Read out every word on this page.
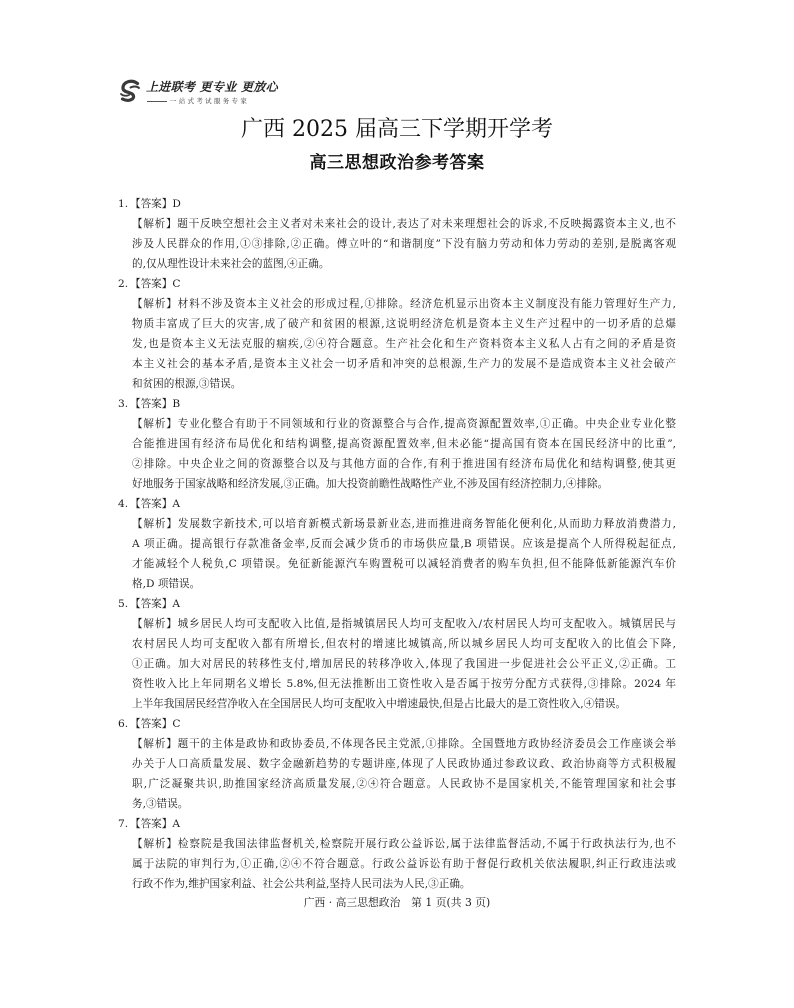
上进联考 更专业 更放心
一站式考试服务专家
广西 2025 届高三下学期开学考
高三思想政治参考答案
1. 【答案】D
【解析】题干反映空想社会主义者对未来社会的设计,表达了对未来理想社会的诉求,不反映揭露资本主义,也不
涉及人民群众的作用,①③排除,②正确。傅立叶的“和谐制度”下没有脑力劳动和体力劳动的差别,是脱离客观
的,仅从理性设计未来社会的蓝图,④正确。
2. 【答案】C
【解析】材料不涉及资本主义社会的形成过程,①排除。经济危机显示出资本主义制度没有能力管理好生产力,
物质丰富成了巨大的灾害,成了破产和贫困的根源,这说明经济危机是资本主义生产过程中的一切矛盾的总爆
发,也是资本主义无法克服的痼疾,②④符合题意。生产社会化和生产资料资本主义私人占有之间的矛盾是资
本主义社会的基本矛盾,是资本主义社会一切矛盾和冲突的总根源,生产力的发展不是造成资本主义社会破产
和贫困的根源,③错误。
3. 【答案】B
【解析】专业化整合有助于不同领域和行业的资源整合与合作,提高资源配置效率,①正确。中央企业专业化整
合能推进国有经济布局优化和结构调整,提高资源配置效率,但未必能“提高国有资本在国民经济中的比重”,
②排除。中央企业之间的资源整合以及与其他方面的合作,有利于推进国有经济布局优化和结构调整,使其更
好地服务于国家战略和经济发展,③正确。加大投资前瞻性战略性产业,不涉及国有经济控制力,④排除。
4. 【答案】A
【解析】发展数字新技术,可以培育新模式新场景新业态,进而推进商务智能化便利化,从而助力释放消费潜力,
A 项正确。提高银行存款准备金率,反而会减少货币的市场供应量,B 项错误。应该是提高个人所得税起征点,
才能减轻个人税负,C 项错误。免征新能源汽车购置税可以减轻消费者的购车负担,但不能降低新能源汽车价
格,D 项错误。
5. 【答案】A
【解析】城乡居民人均可支配收入比值,是指城镇居民人均可支配收入/农村居民人均可支配收入。城镇居民与
农村居民人均可支配收入都有所增长,但农村的增速比城镇高,所以城乡居民人均可支配收入的比值会下降,
①正确。加大对居民的转移性支付,增加居民的转移净收入,体现了我国进一步促进社会公平正义,②正确。工
资性收入比上年同期名义增长 5.8%,但无法推断出工资性收入是否属于按劳分配方式获得,③排除。2024 年
上半年我国居民经营净收入在全国居民人均可支配收入中增速最快,但是占比最大的是工资性收入,④错误。
6. 【答案】C
【解析】题干的主体是政协和政协委员,不体现各民主党派,①排除。全国暨地方政协经济委员会工作座谈会举
办关于人口高质量发展、数字金融新趋势的专题讲座,体现了人民政协通过参政议政、政治协商等方式积极履
职,广泛凝聚共识,助推国家经济高质量发展,②④符合题意。人民政协不是国家机关,不能管理国家和社会事
务,③错误。
7. 【答案】A
【解析】检察院是我国法律监督机关,检察院开展行政公益诉讼,属于法律监督活动,不属于行政执法行为,也不
属于法院的审判行为,①正确,②④不符合题意。行政公益诉讼有助于督促行政机关依法履职,纠正行政违法或
行政不作为,维护国家利益、社会公共利益,坚持人民司法为人民,③正确。
广西 · 高三思想政治　第 1 页(共 3 页)
